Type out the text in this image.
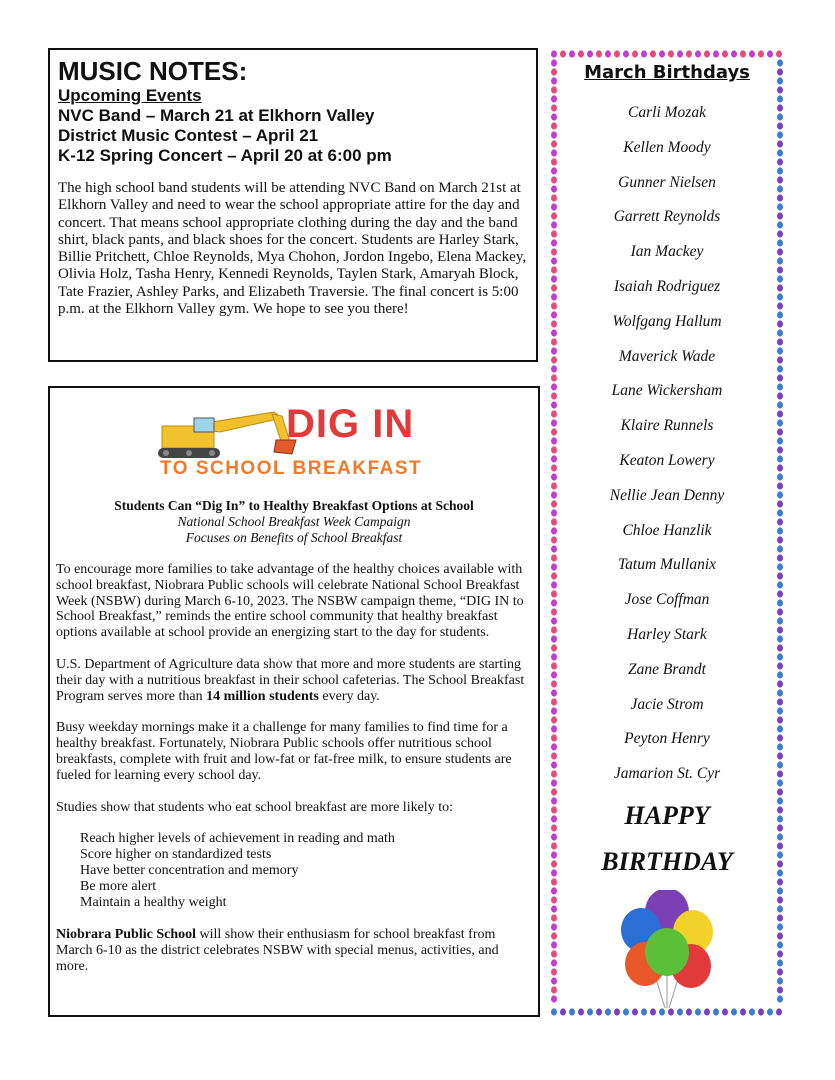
MUSIC NOTES:
Upcoming Events
NVC Band – March 21 at Elkhorn Valley
District Music Contest – April 21
K-12 Spring Concert – April 20 at 6:00 pm
The high school band students will be attending NVC Band on March 21st at Elkhorn Valley and need to wear the school appropriate attire for the day and concert. That means school appropriate clothing during the day and the band shirt, black pants, and black shoes for the concert. Students are Harley Stark, Billie Pritchett, Chloe Reynolds, Mya Chohon, Jordon Ingebo, Elena Mackey, Olivia Holz, Tasha Henry, Kennedi Reynolds, Taylen Stark, Amaryah Block, Tate Frazier, Ashley Parks, and Elizabeth Traversie. The final concert is 5:00 p.m. at the Elkhorn Valley gym. We hope to see you there!
DIG IN
TO SCHOOL BREAKFAST
Students Can “Dig In” to Healthy Breakfast Options at School
National School Breakfast Week Campaign
Focuses on Benefits of School Breakfast
To encourage more families to take advantage of the healthy choices available with school breakfast, Niobrara Public schools will celebrate National School Breakfast Week (NSBW) during March 6-10, 2023. The NSBW campaign theme, “DIG IN to School Breakfast,” reminds the entire school community that healthy breakfast options available at school provide an energizing start to the day for students.
U.S. Department of Agriculture data show that more and more students are starting their day with a nutritious breakfast in their school cafeterias. The School Breakfast Program serves more than 14 million students every day.
Busy weekday mornings make it a challenge for many families to find time for a healthy breakfast. Fortunately, Niobrara Public schools offer nutritious school breakfasts, complete with fruit and low-fat or fat-free milk, to ensure students are fueled for learning every school day.
Studies show that students who eat school breakfast are more likely to:
Reach higher levels of achievement in reading and math
Score higher on standardized tests
Have better concentration and memory
Be more alert
Maintain a healthy weight
Niobrara Public School will show their enthusiasm for school breakfast from March 6-10 as the district celebrates NSBW with special menus, activities, and more.
March Birthdays
Carli Mozak
Kellen Moody
Gunner Nielsen
Garrett Reynolds
Ian Mackey
Isaiah Rodriguez
Wolfgang Hallum
Maverick Wade
Lane Wickersham
Klaire Runnels
Keaton Lowery
Nellie Jean Denny
Chloe Hanzlik
Tatum Mullanix
Jose Coffman
Harley Stark
Zane Brandt
Jacie Strom
Peyton Henry
Jamarion St. Cyr
HAPPY
BIRTHDAY
